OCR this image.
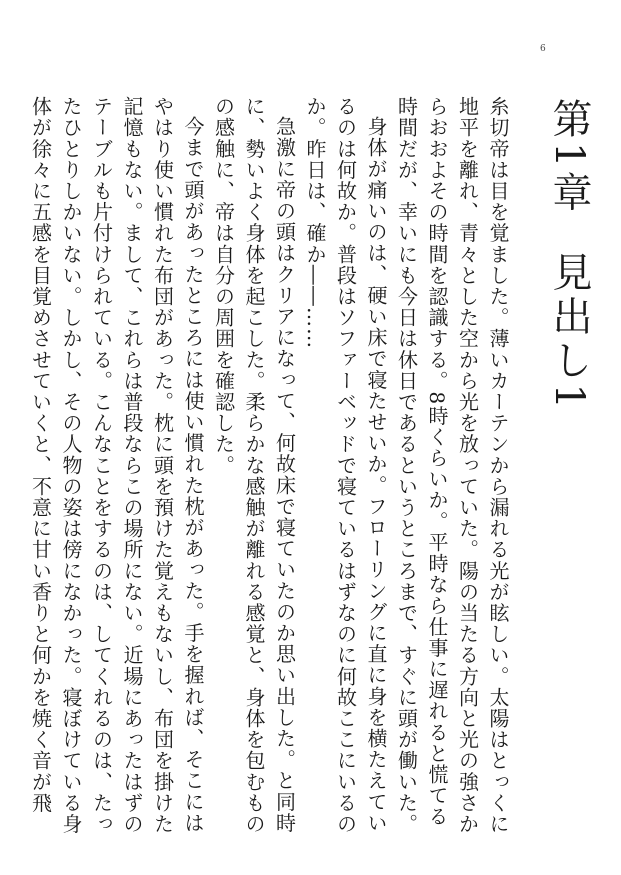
6
第1章見出し1

糸切帝は目を覚ました。薄いカーテンから漏れる光が眩しい。太陽はとっくに地平を離れ、青々とした空から光を放っていた。陽の当たる方向と光の強さからおおよその時間を認識する。8時くらいか。平時なら仕事に遅れると慌てる時間だが、幸いにも今日は休日であるというところまで、すぐに頭が働いた。

身体が痛いのは、硬い床で寝たせいか。フローリングに直に身を横たえているのは何故か。普段はソファーベッドで寝ているはずなのに何故ここにいるのか。昨日は、確か――……

急激に帝の頭はクリアになって、何故床で寝ていたのか思い出した。と同時に、勢いよく身体を起こした。柔らかな感触が離れる感覚と、身体を包むものの感触に、帝は自分の周囲を確認した。

今まで頭があったところには使い慣れた枕があった。手を握れば、そこにはやはり使い慣れた布団があった。枕に頭を預けた覚えもないし、布団を掛けた記憶もない。まして、これらは普段ならこの場所にない。近場にあったはずのテーブルも片付けられている。こんなことをするのは、してくれるのは、たったひとりしかいない。しかし、その人物の姿は傍になかった。寝ぼけている身体が徐々に五感を目覚めさせていくと、不意に甘い香りと何かを焼く音が飛
